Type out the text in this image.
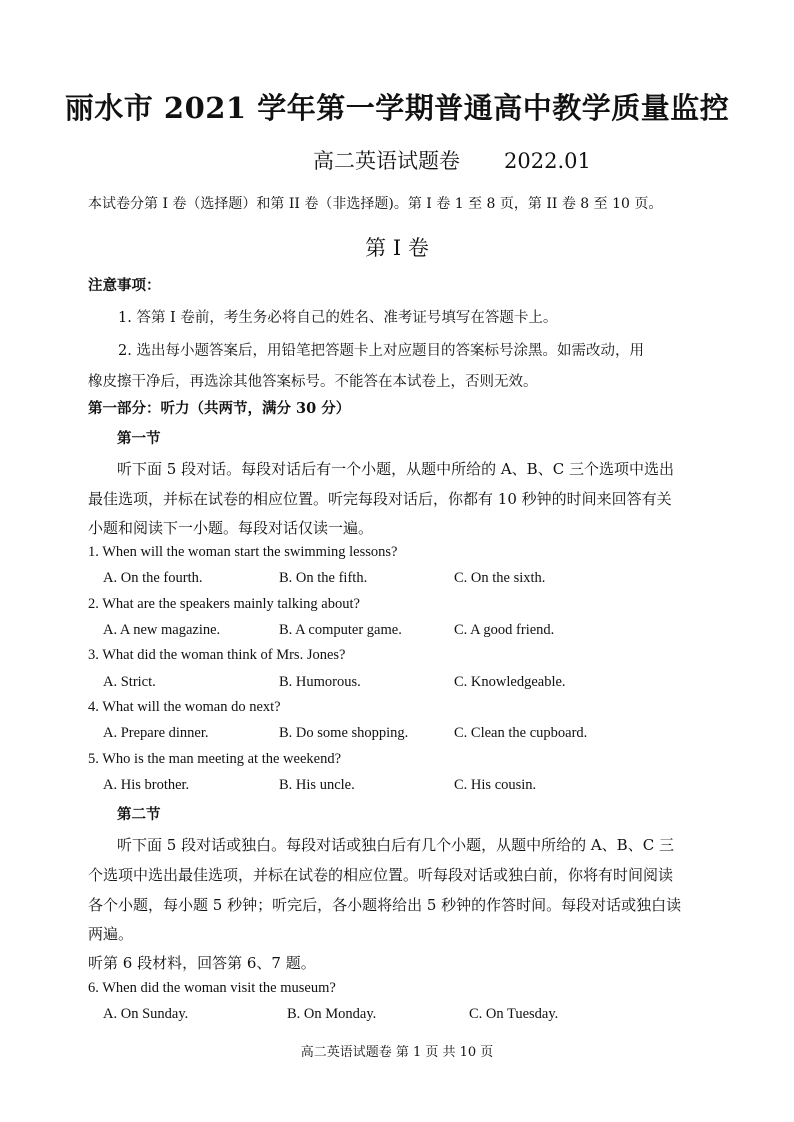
丽水市 2021 学年第一学期普通高中教学质量监控
高二英语试题卷 2022.01
本试卷分第 I 卷（选择题）和第 II 卷（非选择题)。第 I 卷 1 至 8 页，第 II 卷 8 至 10 页。
第 I 卷
注意事项：
1. 答第 I 卷前，考生务必将自己的姓名、准考证号填写在答题卡上。
2. 选出每小题答案后，用铅笔把答题卡上对应题目的答案标号涂黑。如需改动，用
橡皮擦干净后，再选涂其他答案标号。不能答在本试卷上，否则无效。
第一部分：听力（共两节，满分 30 分）
第一节
听下面 5 段对话。每段对话后有一个小题，从题中所给的 A、B、C 三个选项中选出
最佳选项，并标在试卷的相应位置。听完每段对话后，你都有 10 秒钟的时间来回答有关
小题和阅读下一小题。每段对话仅读一遍。
1. When will the woman start the swimming lessons?
A. On the fourth.	B. On the fifth.	C. On the sixth.
2. What are the speakers mainly talking about?
A. A new magazine.	B. A computer game.	C. A good friend.
3. What did the woman think of Mrs. Jones?
A. Strict.	B. Humorous.	C. Knowledgeable.
4. What will the woman do next?
A. Prepare dinner.	B. Do some shopping.	C. Clean the cupboard.
5. Who is the man meeting at the weekend?
A. His brother.	B. His uncle.	C. His cousin.
第二节
听下面 5 段对话或独白。每段对话或独白后有几个小题，从题中所给的 A、B、C 三
个选项中选出最佳选项，并标在试卷的相应位置。听每段对话或独白前，你将有时间阅读
各个小题，每小题 5 秒钟；听完后，各小题将给出 5 秒钟的作答时间。每段对话或独白读
两遍。
听第 6 段材料，回答第 6、7 题。
6. When did the woman visit the museum?
A. On Sunday.	B. On Monday.	C. On Tuesday.
高二英语试题卷 第 1 页 共 10 页
